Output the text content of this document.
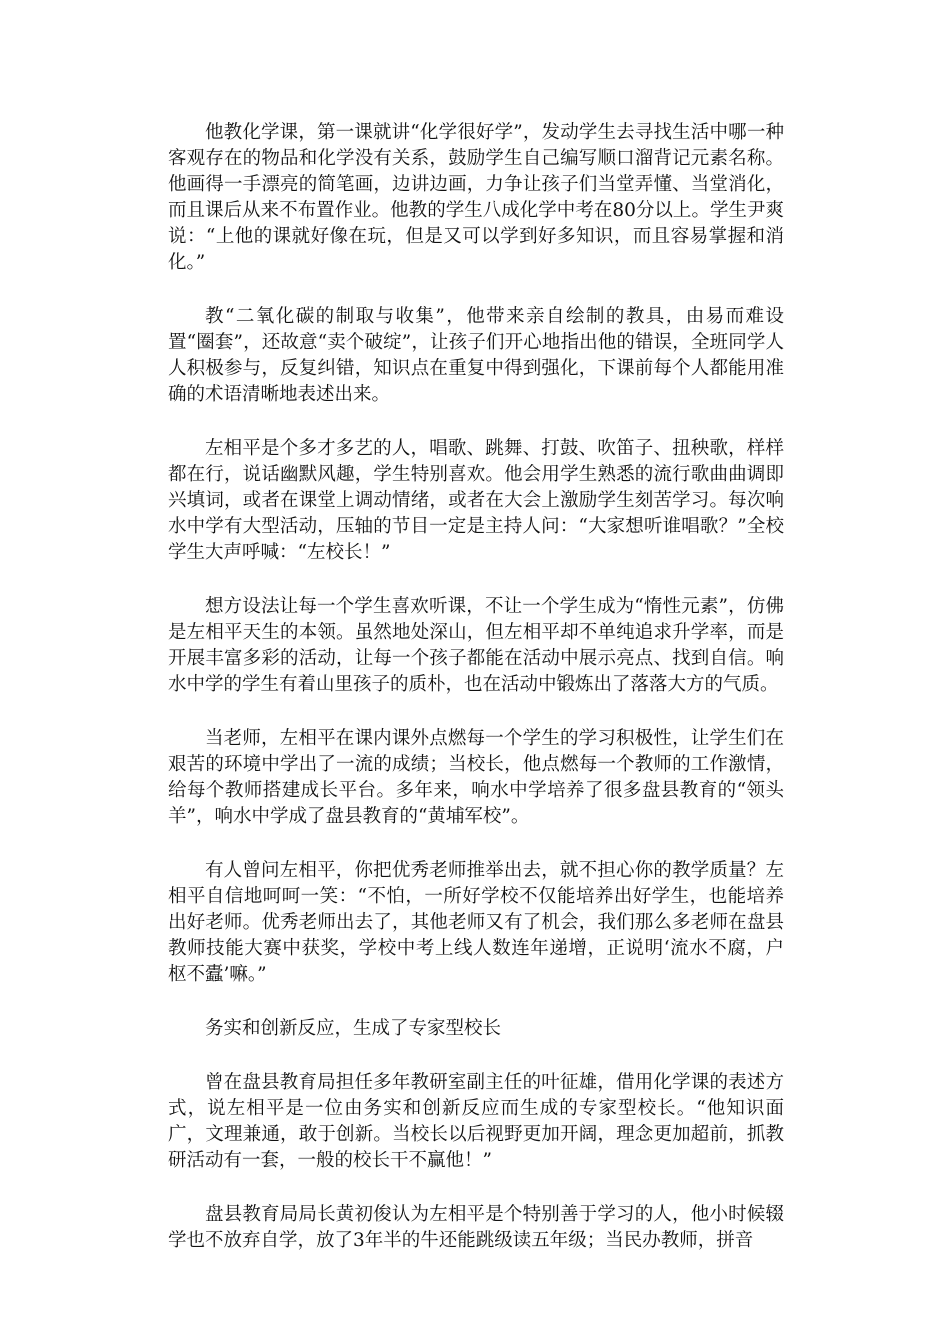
他教化学课，第一课就讲“化学很好学”，发动学生去寻找生活中哪一种客观存在的物品和化学没有关系，鼓励学生自己编写顺口溜背记元素名称。他画得一手漂亮的简笔画，边讲边画，力争让孩子们当堂弄懂、当堂消化，而且课后从来不布置作业。他教的学生八成化学中考在80分以上。学生尹爽说：“上他的课就好像在玩，但是又可以学到好多知识，而且容易掌握和消化。”

教“二氧化碳的制取与收集”，他带来亲自绘制的教具，由易而难设置“圈套”，还故意“卖个破绽”，让孩子们开心地指出他的错误，全班同学人人积极参与，反复纠错，知识点在重复中得到强化，下课前每个人都能用准确的术语清晰地表述出来。

左相平是个多才多艺的人，唱歌、跳舞、打鼓、吹笛子、扭秧歌，样样都在行，说话幽默风趣，学生特别喜欢。他会用学生熟悉的流行歌曲曲调即兴填词，或者在课堂上调动情绪，或者在大会上激励学生刻苦学习。每次响水中学有大型活动，压轴的节目一定是主持人问：“大家想听谁唱歌？”全校学生大声呼喊：“左校长！”

想方设法让每一个学生喜欢听课，不让一个学生成为“惰性元素”，仿佛是左相平天生的本领。虽然地处深山，但左相平却不单纯追求升学率，而是开展丰富多彩的活动，让每一个孩子都能在活动中展示亮点、找到自信。响水中学的学生有着山里孩子的质朴，也在活动中锻炼出了落落大方的气质。

当老师，左相平在课内课外点燃每一个学生的学习积极性，让学生们在艰苦的环境中学出了一流的成绩；当校长，他点燃每一个教师的工作激情，给每个教师搭建成长平台。多年来，响水中学培养了很多盘县教育的“领头羊”，响水中学成了盘县教育的“黄埔军校”。

有人曾问左相平，你把优秀老师推举出去，就不担心你的教学质量？左相平自信地呵呵一笑：“不怕，一所好学校不仅能培养出好学生，也能培养出好老师。优秀老师出去了，其他老师又有了机会，我们那么多老师在盘县教师技能大赛中获奖，学校中考上线人数连年递增，正说明‘流水不腐，户枢不蠹’嘛。”

务实和创新反应，生成了专家型校长

曾在盘县教育局担任多年教研室副主任的叶征雄，借用化学课的表述方式，说左相平是一位由务实和创新反应而生成的专家型校长。“他知识面广，文理兼通，敢于创新。当校长以后视野更加开阔，理念更加超前，抓教研活动有一套，一般的校长干不赢他！”

盘县教育局局长黄初俊认为左相平是个特别善于学习的人，他小时候辍学也不放弃自学，放了3年半的牛还能跳级读五年级；当民办教师，拼音
